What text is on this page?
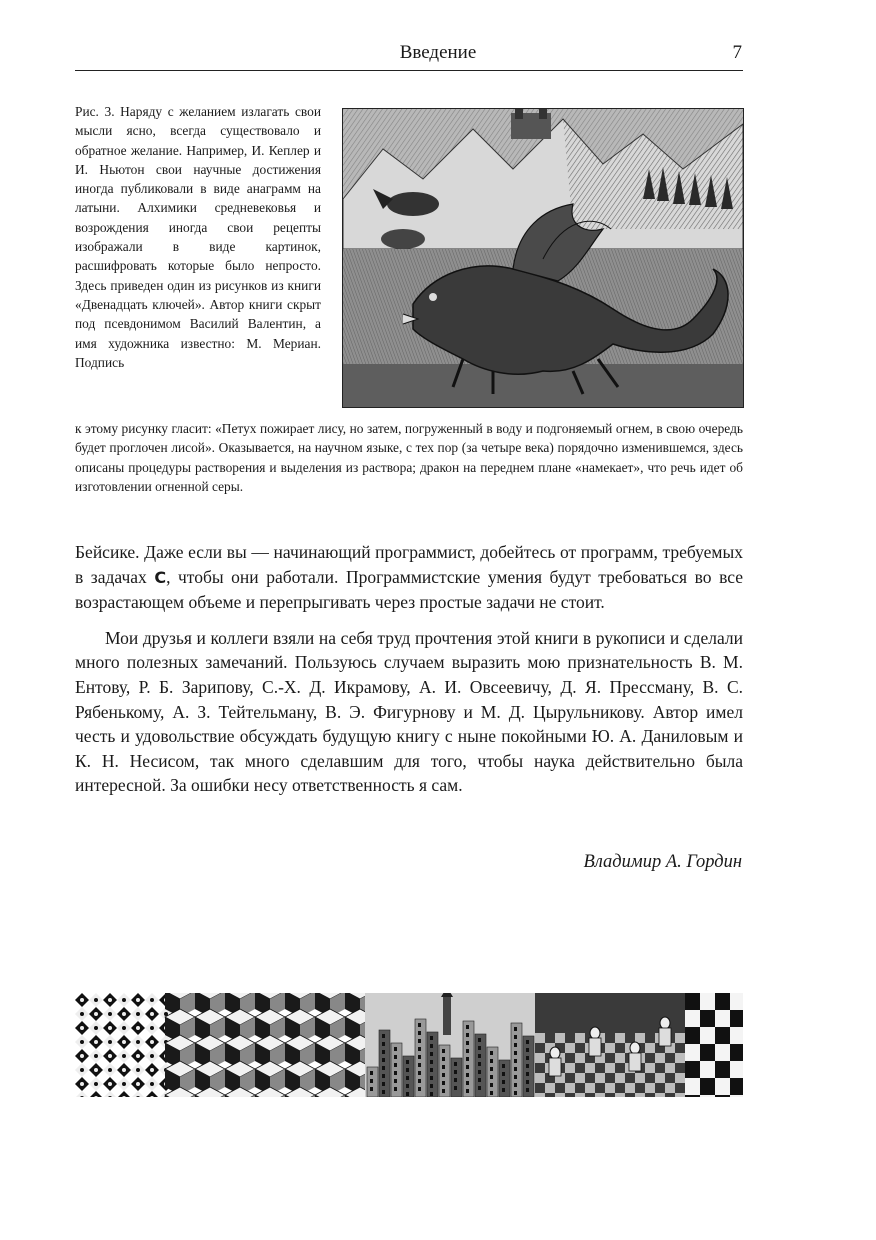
Введение	7
Рис. 3. Наряду с желанием излагать свои мысли ясно, всегда существовало и обратное желание. Например, И. Кеплер и И. Ньютон свои научные достижения иногда публиковали в виде анаграмм на латыни. Алхимики средневековья и возрождения иногда свои рецепты изображали в виде картинок, расшифровать которые было непросто. Здесь приведен один из рисунков из книги «Двенадцать ключей». Автор книги скрыт под псевдонимом Василий Валентин, а имя художника известно: М. Мериан. Подпись
к этому рисунку гласит: «Петух пожирает лису, но затем, погруженный в воду и подгоняемый огнем, в свою очередь будет проглочен лисой». Оказывается, на научном языке, с тех пор (за четыре века) порядочно изменившемся, здесь описаны процедуры растворения и выделения из раствора; дракон на переднем плане «намекает», что речь идет об изготовлении огненной серы.

Бейсике. Даже если вы — начинающий программист, добейтесь от программ, требуемых в задачах C, чтобы они работали. Программистские умения будут требоваться во все возрастающем объеме и перепрыгивать через простые задачи не стоит.

Мои друзья и коллеги взяли на себя труд прочтения этой книги в рукописи и сделали много полезных замечаний. Пользуюсь случаем выразить мою признательность В. М. Ентову, Р. Б. Зарипову, С.-Х. Д. Икрамову, А. И. Овсеевичу, Д. Я. Прессману, В. С. Рябенькому, А. З. Тейтельману, В. Э. Фигурнову и М. Д. Цырульникову. Автор имел честь и удовольствие обсуждать будущую книгу с ныне покойными Ю. А. Даниловым и К. Н. Несисом, так много сделавшим для того, чтобы наука действительно была интересной. За ошибки несу ответственность я сам.

Владимир А. Гордин
